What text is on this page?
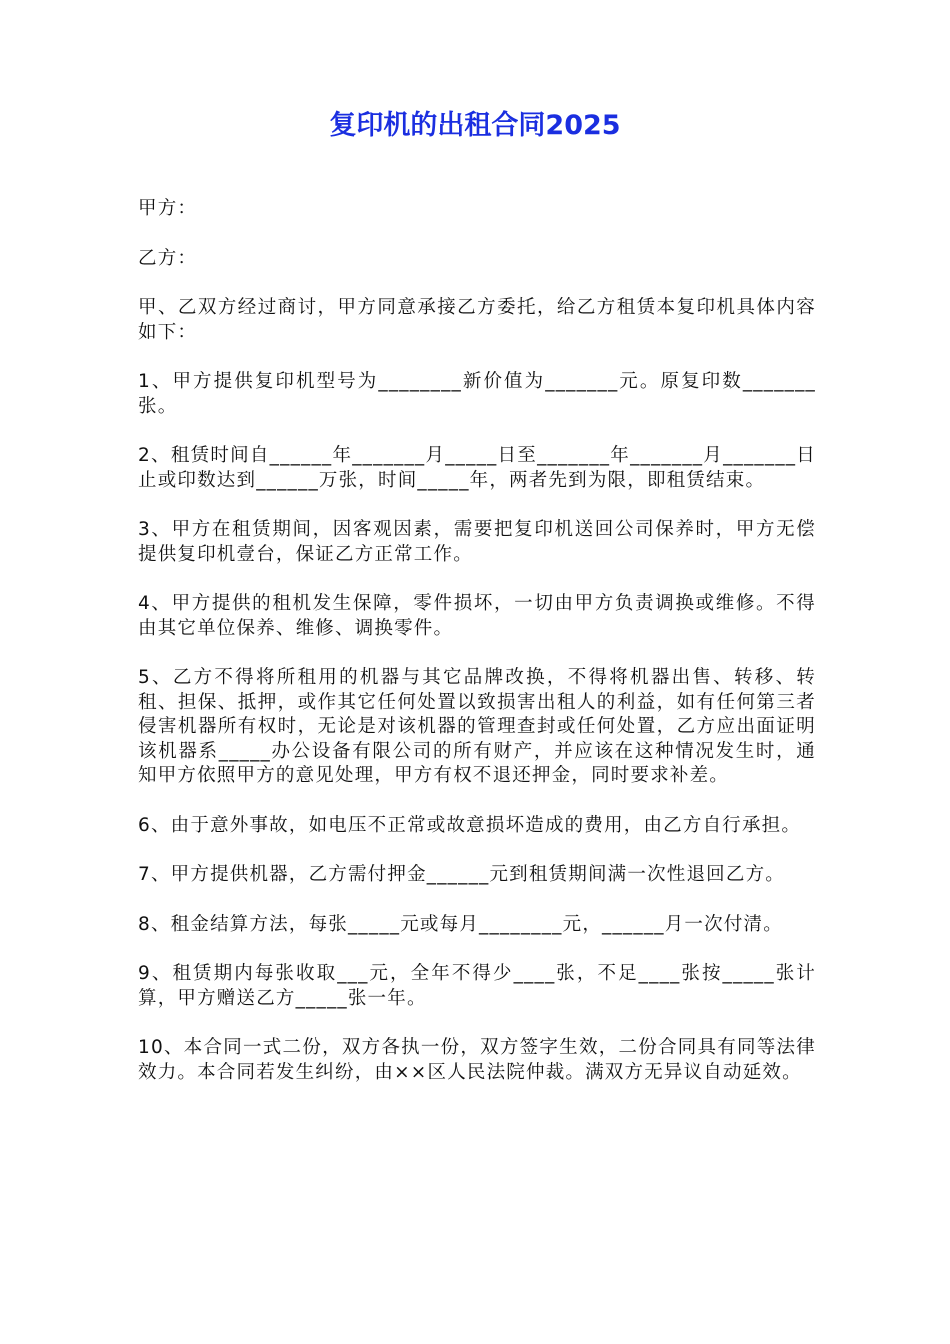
复印机的出租合同2025

甲方：

乙方：

甲、乙双方经过商讨，甲方同意承接乙方委托，给乙方租赁本复印机具体内容如下：

1、甲方提供复印机型号为________新价值为_______元。原复印数_______张。

2、租赁时间自______年_______月_____日至_______年_______月_______日止或印数达到______万张，时间_____年，两者先到为限，即租赁结束。

3、甲方在租赁期间，因客观因素，需要把复印机送回公司保养时，甲方无偿提供复印机壹台，保证乙方正常工作。

4、甲方提供的租机发生保障，零件损坏，一切由甲方负责调换或维修。不得由其它单位保养、维修、调换零件。

5、乙方不得将所租用的机器与其它品牌改换，不得将机器出售、转移、转租、担保、抵押，或作其它任何处置以致损害出租人的利益，如有任何第三者侵害机器所有权时，无论是对该机器的管理查封或任何处置，乙方应出面证明该机器系_____办公设备有限公司的所有财产，并应该在这种情况发生时，通知甲方依照甲方的意见处理，甲方有权不退还押金，同时要求补差。

6、由于意外事故，如电压不正常或故意损坏造成的费用，由乙方自行承担。

7、甲方提供机器，乙方需付押金______元到租赁期间满一次性退回乙方。

8、租金结算方法，每张_____元或每月________元，______月一次付清。

9、租赁期内每张收取___元，全年不得少____张，不足____张按_____张计算，甲方赠送乙方_____张一年。

10、本合同一式二份，双方各执一份，双方签字生效，二份合同具有同等法律效力。本合同若发生纠纷，由××区人民法院仲裁。满双方无异议自动延效。
